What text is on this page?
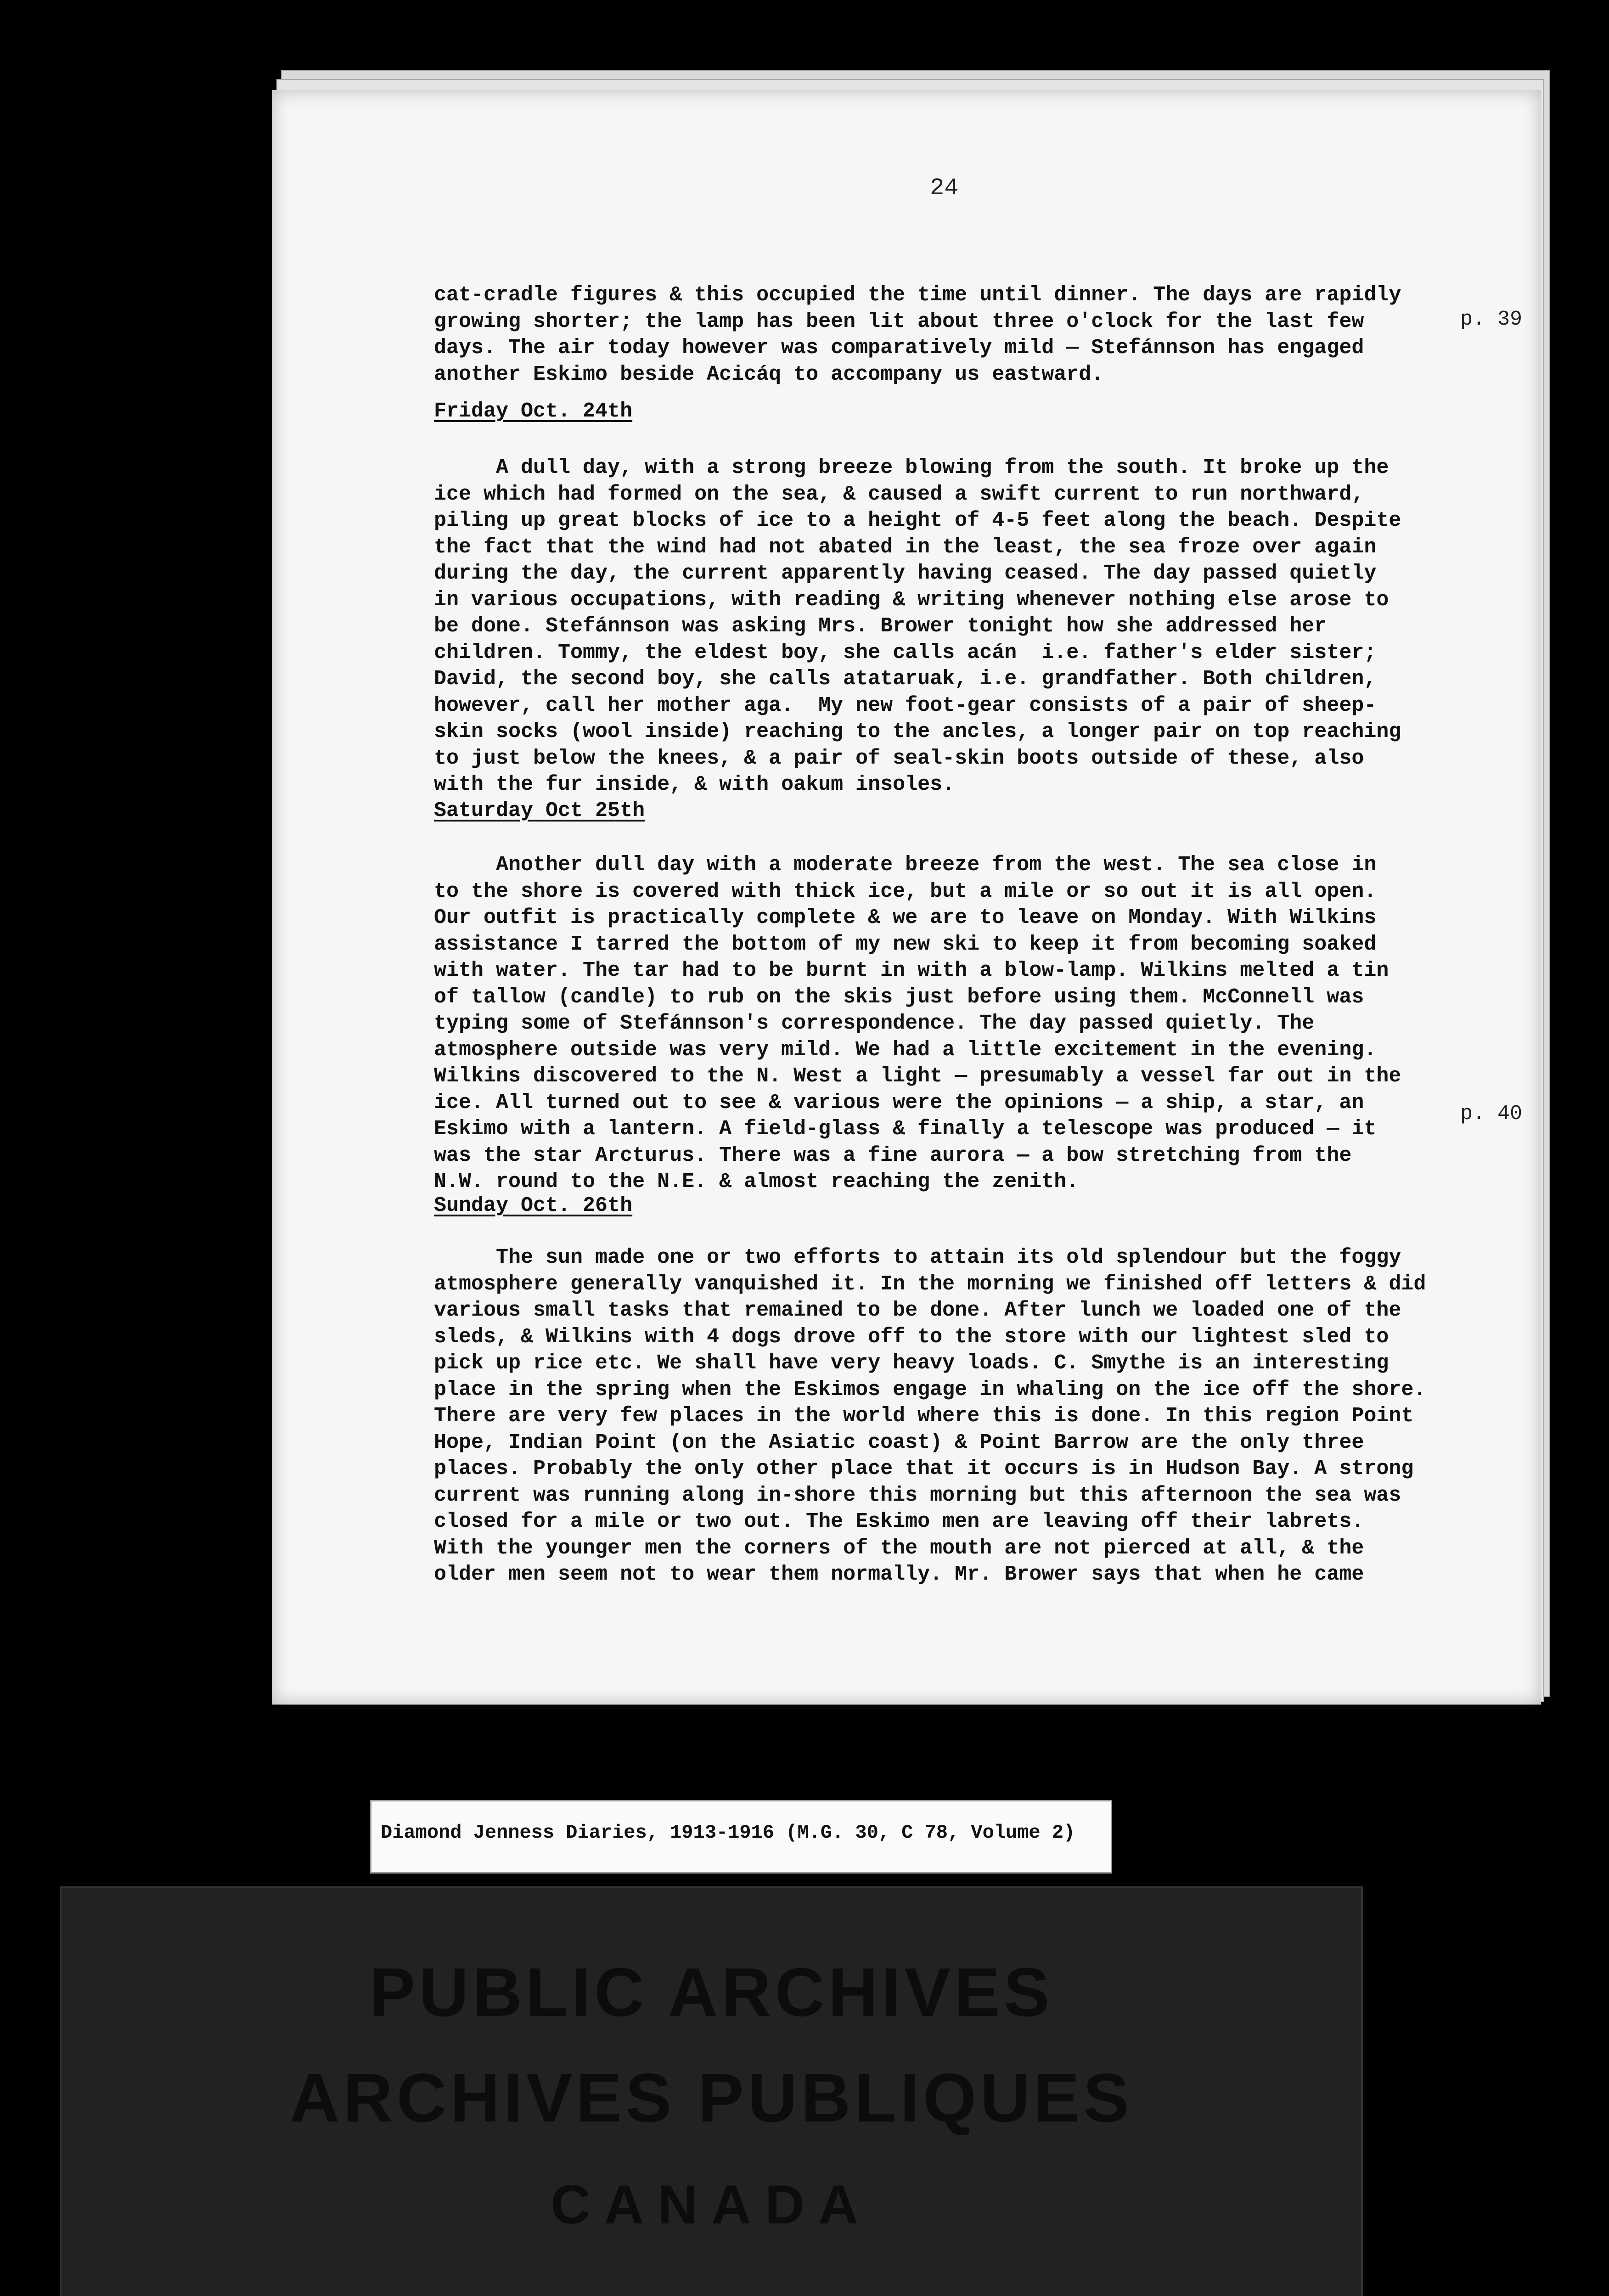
24
cat-cradle figures & this occupied the time until dinner. The days are rapidly
growing shorter; the lamp has been lit about three o'clock for the last few
days. The air today however was comparatively mild — Stefánnson has engaged
another Eskimo beside Acicáq to accompany us eastward.
p. 39
Friday Oct. 24th
A dull day, with a strong breeze blowing from the south. It broke up the
ice which had formed on the sea, & caused a swift current to run northward,
piling up great blocks of ice to a height of 4-5 feet along the beach. Despite
the fact that the wind had not abated in the least, the sea froze over again
during the day, the current apparently having ceased. The day passed quietly
in various occupations, with reading & writing whenever nothing else arose to
be done. Stefánnson was asking Mrs. Brower tonight how she addressed her
children. Tommy, the eldest boy, she calls acán  i.e. father's elder sister;
David, the second boy, she calls atataruak, i.e. grandfather. Both children,
however, call her mother aga.  My new foot-gear consists of a pair of sheep-
skin socks (wool inside) reaching to the ancles, a longer pair on top reaching
to just below the knees, & a pair of seal-skin boots outside of these, also
with the fur inside, & with oakum insoles.
Saturday Oct 25th
Another dull day with a moderate breeze from the west. The sea close in
to the shore is covered with thick ice, but a mile or so out it is all open.
Our outfit is practically complete & we are to leave on Monday. With Wilkins
assistance I tarred the bottom of my new ski to keep it from becoming soaked
with water. The tar had to be burnt in with a blow-lamp. Wilkins melted a tin
of tallow (candle) to rub on the skis just before using them. McConnell was
typing some of Stefánnson's correspondence. The day passed quietly. The
atmosphere outside was very mild. We had a little excitement in the evening.
Wilkins discovered to the N. West a light — presumably a vessel far out in the
ice. All turned out to see & various were the opinions — a ship, a star, an
Eskimo with a lantern. A field-glass & finally a telescope was produced — it
was the star Arcturus. There was a fine aurora — a bow stretching from the
N.W. round to the N.E. & almost reaching the zenith.
p. 40
Sunday Oct. 26th
The sun made one or two efforts to attain its old splendour but the foggy
atmosphere generally vanquished it. In the morning we finished off letters & did
various small tasks that remained to be done. After lunch we loaded one of the
sleds, & Wilkins with 4 dogs drove off to the store with our lightest sled to
pick up rice etc. We shall have very heavy loads. C. Smythe is an interesting
place in the spring when the Eskimos engage in whaling on the ice off the shore.
There are very few places in the world where this is done. In this region Point
Hope, Indian Point (on the Asiatic coast) & Point Barrow are the only three
places. Probably the only other place that it occurs is in Hudson Bay. A strong
current was running along in-shore this morning but this afternoon the sea was
closed for a mile or two out. The Eskimo men are leaving off their labrets.
With the younger men the corners of the mouth are not pierced at all, & the
older men seem not to wear them normally. Mr. Brower says that when he came
Diamond Jenness Diaries, 1913-1916 (M.G. 30, C 78, Volume 2)
PUBLIC ARCHIVES
ARCHIVES PUBLIQUES
CANADA
